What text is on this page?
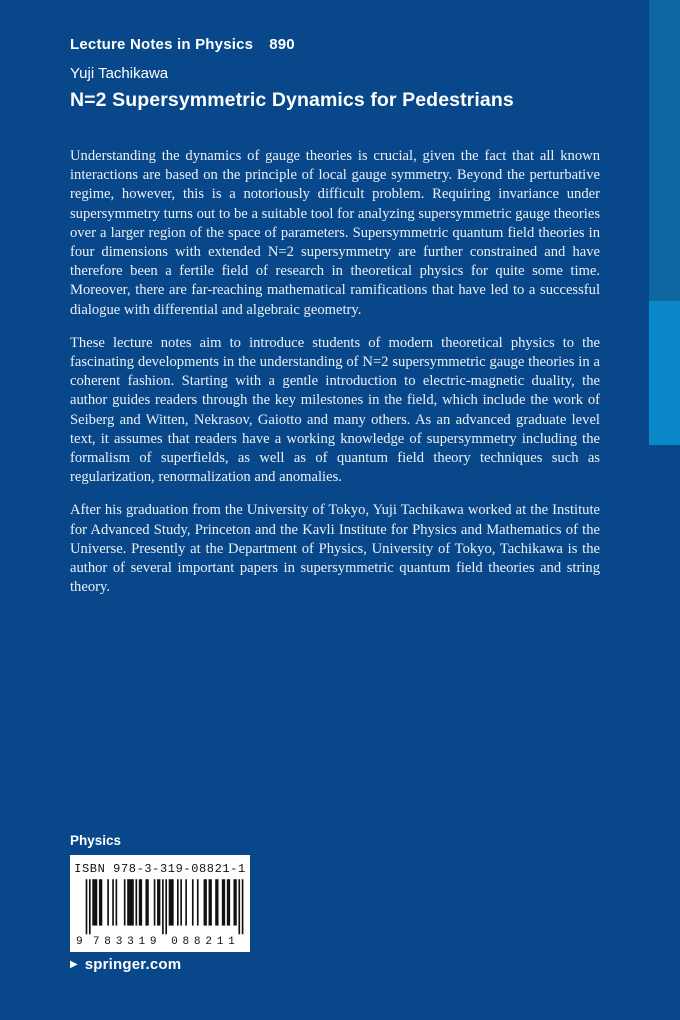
Lecture Notes in Physics 890
Yuji Tachikawa
N=2 Supersymmetric Dynamics for Pedestrians

Understanding the dynamics of gauge theories is crucial, given the fact that all known interactions are based on the principle of local gauge symmetry. Beyond the perturbative regime, however, this is a notoriously difficult problem. Requiring invariance under supersymmetry turns out to be a suitable tool for analyzing supersymmetric gauge theories over a larger region of the space of parameters. Supersymmetric quantum field theories in four dimensions with extended N=2 supersymmetry are further constrained and have therefore been a fertile field of research in theoretical physics for quite some time. Moreover, there are far-reaching mathematical ramifications that have led to a successful dialogue with differential and algebraic geometry.

These lecture notes aim to introduce students of modern theoretical physics to the fascinating developments in the understanding of N=2 supersymmetric gauge theories in a coherent fashion. Starting with a gentle introduction to electric-magnetic duality, the author guides readers through the key milestones in the field, which include the work of Seiberg and Witten, Nekrasov, Gaiotto and many others. As an advanced graduate level text, it assumes that readers have a working knowledge of supersymmetry including the formalism of superfields, as well as of quantum field theory techniques such as regularization, renormalization and anomalies.

After his graduation from the University of Tokyo, Yuji Tachikawa worked at the Institute for Advanced Study, Princeton and the Kavli Institute for Physics and Mathematics of the Universe. Presently at the Department of Physics, University of Tokyo, Tachikawa is the author of several important papers in supersymmetric quantum field theories and string theory.

Physics
ISBN 978-3-319-08821-1
9 783319 088211
▶ springer.com
